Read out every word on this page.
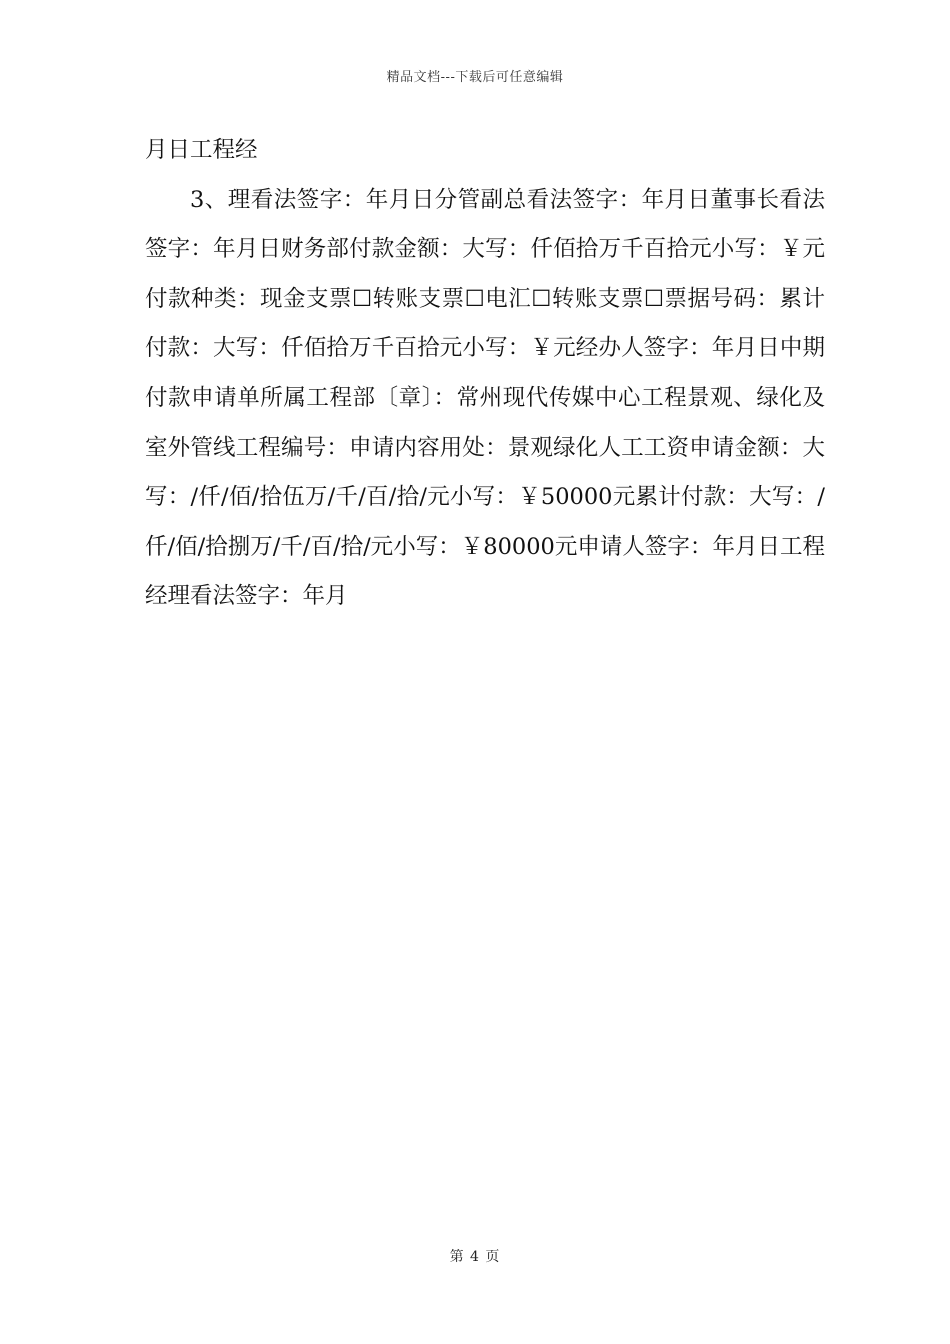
精品文档---下载后可任意编辑

月日工程经

3、理看法签字：年月日分管副总看法签字：年月日董事长看法签字：年月日财务部付款金额：大写：仟佰拾万千百拾元小写：￥元付款种类：现金支票☐转账支票☐电汇☐转账支票☐票据号码：累计付款：大写：仟佰拾万千百拾元小写：￥元经办人签字：年月日中期付款申请单所属工程部〔章〕：常州现代传媒中心工程景观、绿化及室外管线工程编号：申请内容用处：景观绿化人工工资申请金额：大写：/仟/佰/拾伍万/千/百/拾/元小写：￥50000元累计付款：大写：/仟/佰/拾捌万/千/百/拾/元小写：￥80000元申请人签字：年月日工程经理看法签字：年月

第 4 页
